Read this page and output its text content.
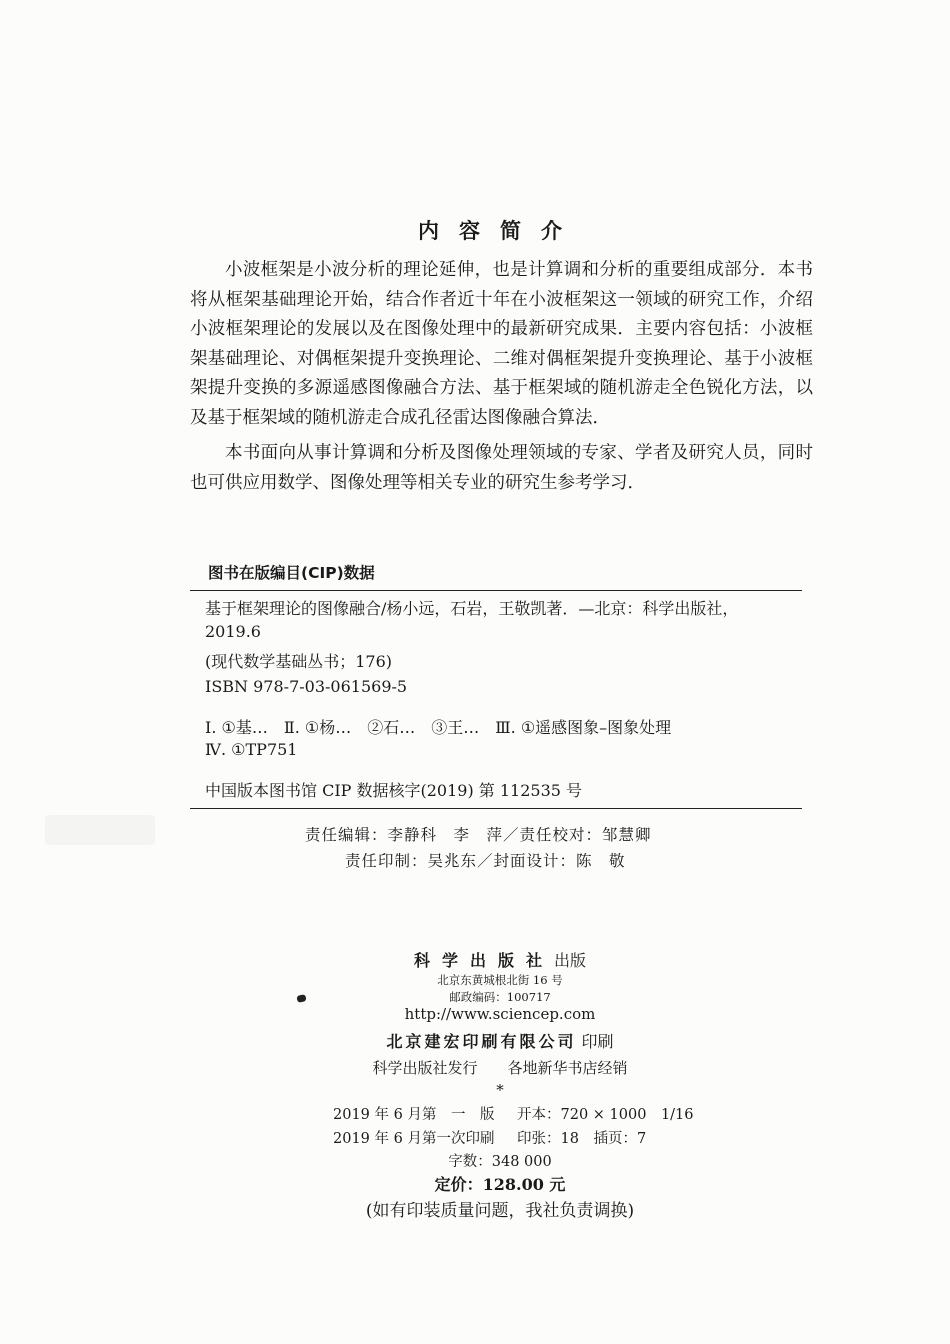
内容简介

小波框架是小波分析的理论延伸，也是计算调和分析的重要组成部分．本书将从框架基础理论开始，结合作者近十年在小波框架这一领域的研究工作，介绍小波框架理论的发展以及在图像处理中的最新研究成果．主要内容包括：小波框架基础理论、对偶框架提升变换理论、二维对偶框架提升变换理论、基于小波框架提升变换的多源遥感图像融合方法、基于框架域的随机游走全色锐化方法，以及基于框架域的随机游走合成孔径雷达图像融合算法．

本书面向从事计算调和分析及图像处理领域的专家、学者及研究人员，同时也可供应用数学、图像处理等相关专业的研究生参考学习．

图书在版编目(CIP)数据
基于框架理论的图像融合/杨小远，石岩，王敬凯著．—北京：科学出版社，
2019.6
(现代数学基础丛书；176)
ISBN 978-7-03-061569-5
Ⅰ. ①基…　Ⅱ. ①杨…　②石…　③王…　Ⅲ. ①遥感图象–图象处理
Ⅳ. ①TP751
中国版本图书馆 CIP 数据核字(2019) 第 112535 号
责任编辑：李静科　李　萍／责任校对：邹慧卿
责任印制：吴兆东／封面设计：陈　敬
科学出版社出版
北京东黄城根北街 16 号
邮政编码：100717
http://www.sciencep.com
北京建宏印刷有限公司 印刷
科学出版社发行　　各地新华书店经销
*
2019 年 6 月第　一　版 开本：720 × 1000　1/16
2019 年 6 月第一次印刷 印张：18　插页：7
字数：348 000
定价：128.00 元
(如有印装质量问题，我社负责调换)
